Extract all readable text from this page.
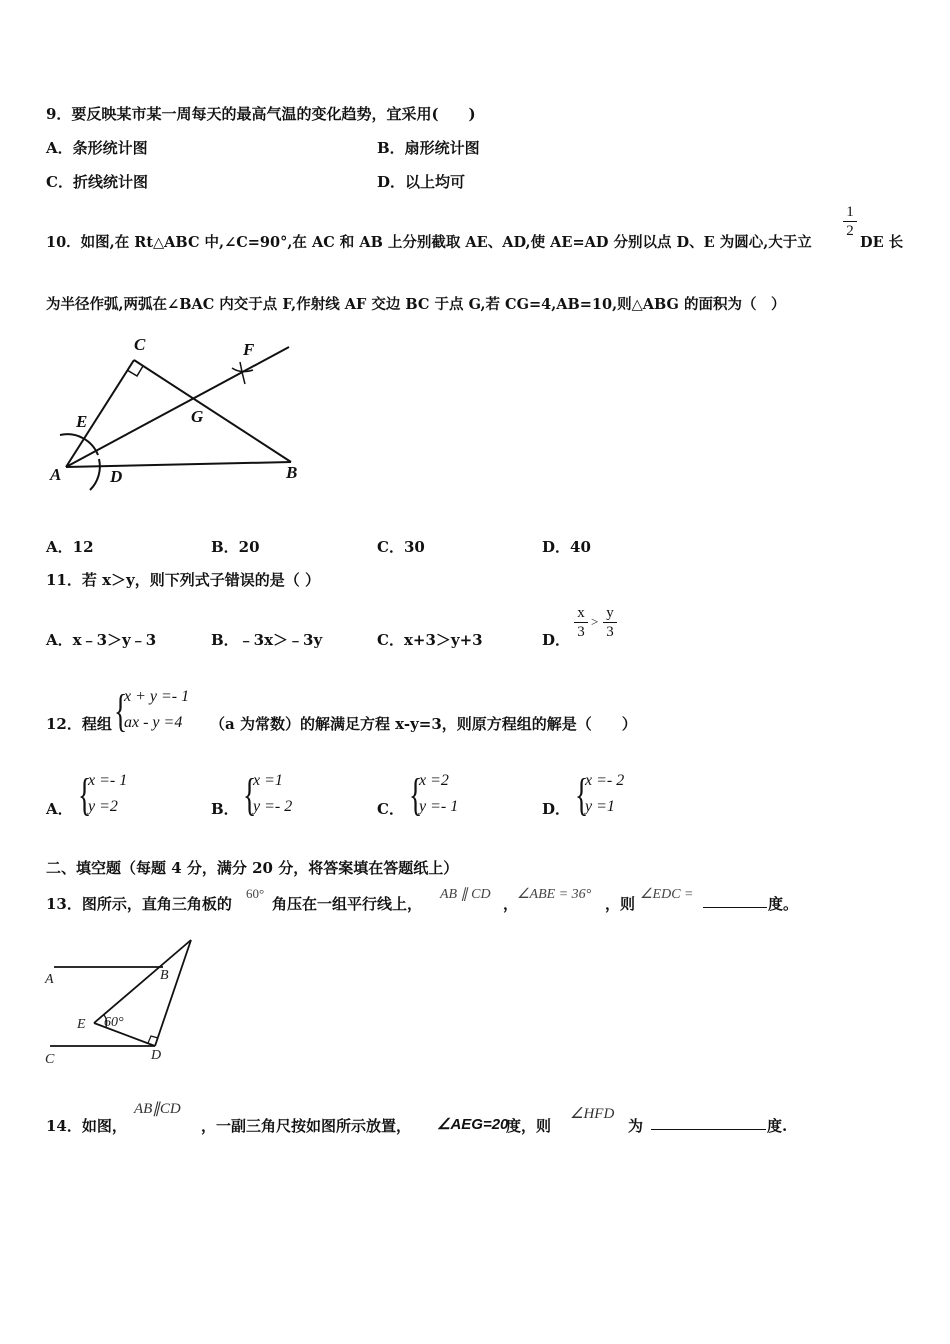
9．要反映某市某一周每天的最高气温的变化趋势，宜采用(　　)
A．条形统计图	B．扇形统计图
C．折线统计图	D．以上均可
10．如图,在 Rt△ABC 中,∠C=90°,在 AC 和 AB 上分别截取 AE、AD,使 AE=AD 分别以点 D、E 为圆心,大于立
1
2
DE 长
为半径作弧,两弧在∠BAC 内交于点 F,作射线 AF 交边 BC 于点 G,若 CG=4,AB=10,则△ABG 的面积为（　）
C	F
E	G
A	D	B
A．12	B．20	C．30	D．40
11．若 x＞y，则下列式子错误的是（ ）
A．x﹣3＞y﹣3	B．﹣3x＞﹣3y	C．x+3＞y+3	D．
x
3
>
y
3
12．程组 {
x + y =- 1
ax - y =4 （a 为常数）的解满足方程 x-y=3，则原方程组的解是（　　）
A． {
x =- 1
y =2	B． {
x =1
y =- 2	C． {
x =2
y =- 1	D． {
x =- 2
y =1
二、填空题（每题 4 分，满分 20 分，将答案填在答题纸上）
13．图所示，直角三角板的
60°
角压在一组平行线上，
AB ∥ CD
，
∠ABE = 36°
，则
∠EDC =
度。
A	B
E 60°
C	D
14．如图，
AB∥CD
，一副三角尺按如图所示放置， ∠AEG=20
度，则
∠HFD
为	度.
